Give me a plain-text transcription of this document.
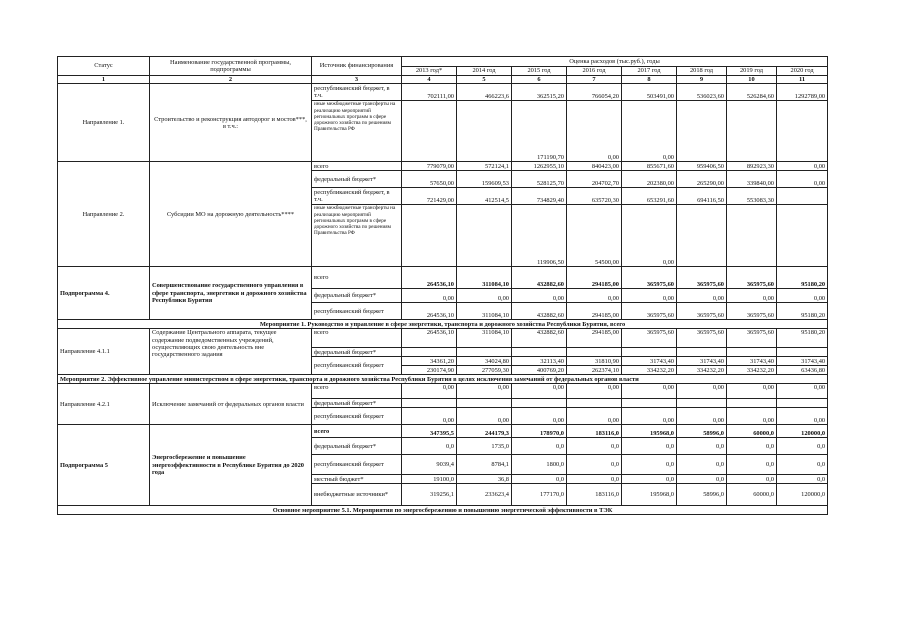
Статус	Наименование государственной программы, подпрограммы	Источник финансирования	Оценка расходов (тыс.руб.), годы							
			2013 год*	2014 год	2015 год	2016 год	2017 год	2018 год	2019 год	2020 год
1	2	3	4	5	6	7	8	9	10	11
Направление 1.	Строительство и реконструкция автодорог и мостов***, в т.ч.:	республиканский бюджет, в т.ч.	702111,00	466223,6	362515,20	766054,20	503491,00	536023,60	526284,60	1292789,00
		иные межбюджетные трансферты на реализацию мероприятий региональных программ в сфере дорожного хозяйства по решениям Правительства РФ			171190,70	0,00	0,00			
Направление 2.	Субсидии МО на дорожную деятельность****	всего	779079,00	572124,1	1262955,10	840423,00	855671,60	959406,50	892923,30	0,00
		федеральный бюджет*	57650,00	159609,53	528125,70	204702,70	202380,00	265290,00	339840,00	0,00
		республиканский бюджет, в т.ч.	721429,00	412514,5	734829,40	635720,30	653291,60	694116,50	553083,30	
		иные межбюджетные трансферты на реализацию мероприятий региональных программ в сфере дорожного хозяйства по решениям Правительства РФ			119906,50	54500,00	0,00			
Подпрограмма 4.	Совершенствование государственного управления в сфере транспорта, энергетики и дорожного хозяйства Республики Бурятия	всего	264536,10	311084,10	432882,60	294185,00	365975,60	365975,60	365975,60	95180,20
		федеральный бюджет*	0,00	0,00	0,00	0,00	0,00	0,00	0,00	0,00
		республиканский бюджет	264536,10	311084,10	432882,60	294185,00	365975,60	365975,60	365975,60	95180,20
Мероприятие 1. Руководство и управление в сфере энергетики, транспорта и дорожного хозяйства Республики Бурятия, всего										
Направление 4.1.1	Содержание Центрального аппарата, текущее содержание подведомственных учреждений, осуществляющих свою деятельность вне государственного задания	всего	264536,10	311084,10	432882,60	294185,00	365975,60	365975,60	365975,60	95180,20
		федеральный бюджет*								
		республиканский бюджет	34361,20	34024,80	32113,40	31810,90	31743,40	31743,40	31743,40	31743,40
			230174,90	277059,30	400769,20	262374,10	334232,20	334232,20	334232,20	63436,80
Мероприятие 2. Эффективное управление министерством в сфере энергетики, транспорта и дорожного хозяйства Республики Бурятия в целях исключения замечаний от федеральных органов власти										
Направление 4.2.1	Исключение замечаний от федеральных органов власти	всего	0,00	0,00	0,00	0,00	0,00	0,00	0,00	0,00
		федеральный бюджет*								
		республиканский бюджет	0,00	0,00	0,00	0,00	0,00	0,00	0,00	0,00
Подпрограмма 5	Энергосбережение и повышение энергоэффективности в Республике Бурятия до 2020 года	всего	347395,5	244179,3	178970,0	183116,0	195968,0	58996,0	60000,0	120000,0
		федеральный бюджет*	0,0	1735,0	0,0	0,0	0,0	0,0	0,0	0,0
		республиканский бюджет	9039,4	8784,1	1800,0	0,0	0,0	0,0	0,0	0,0
		местный бюджет*	19100,0	36,8	0,0	0,0	0,0	0,0	0,0	0,0
		внебюджетные источники*	319256,1	233623,4	177170,0	183116,0	195968,0	58996,0	60000,0	120000,0
Основное мероприятие 5.1. Мероприятия по энергосбережению и повышению энергетической эффективности в ТЭК										
